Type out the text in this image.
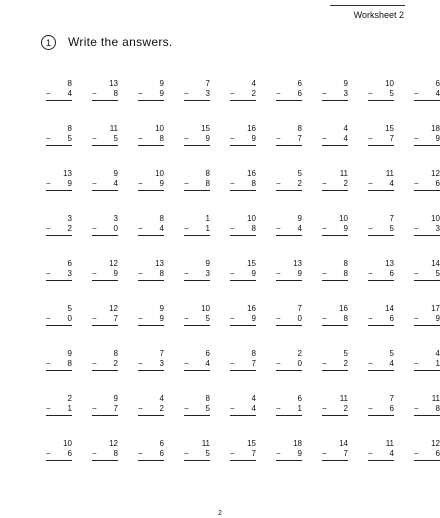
Worksheet 2
1	Write the answers.
8
− 4
13
− 8
9
− 9
7
− 3
4
− 2
6
− 6
9
− 3
10
− 5
6
− 4
8
− 5
11
− 5
10
− 8
15
− 9
16
− 9
8
− 7
4
− 4
15
− 7
18
− 9
13
− 9
9
− 4
10
− 9
8
− 8
16
− 8
5
− 2
11
− 2
11
− 4
12
− 6
3
− 2
3
− 0
8
− 4
1
− 1
10
− 8
9
− 4
10
− 9
7
− 5
10
− 3
6
− 3
12
− 9
13
− 8
9
− 3
15
− 9
13
− 9
8
− 8
13
− 6
14
− 5
5
− 0
12
− 7
9
− 9
10
− 5
16
− 9
7
− 0
16
− 8
14
− 6
17
− 9
9
− 8
8
− 2
7
− 3
6
− 4
8
− 7
2
− 0
5
− 2
5
− 4
4
− 1
2
− 1
9
− 7
4
− 2
8
− 5
4
− 4
6
− 1
11
− 2
7
− 6
11
− 8
10
− 6
12
− 8
6
− 6
11
− 5
15
− 7
18
− 9
14
− 7
11
− 4
12
− 6
2
